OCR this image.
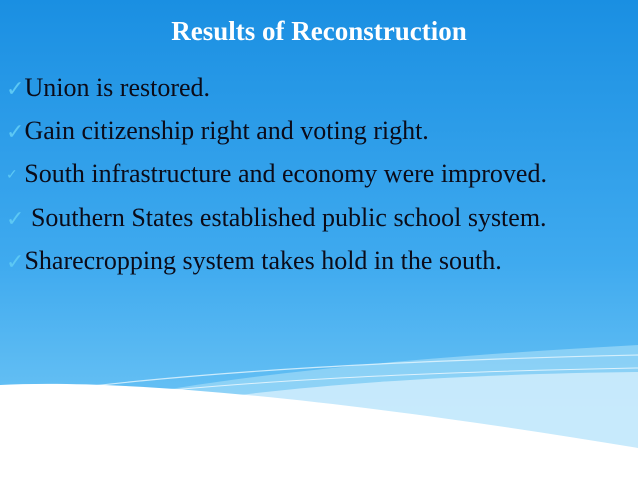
Results of Reconstruction
✓Union is restored.
✓Gain citizenship right and voting right.
✓ South infrastructure and economy were improved.
✓ Southern States established public school system.
✓Sharecropping system takes hold in the south.
